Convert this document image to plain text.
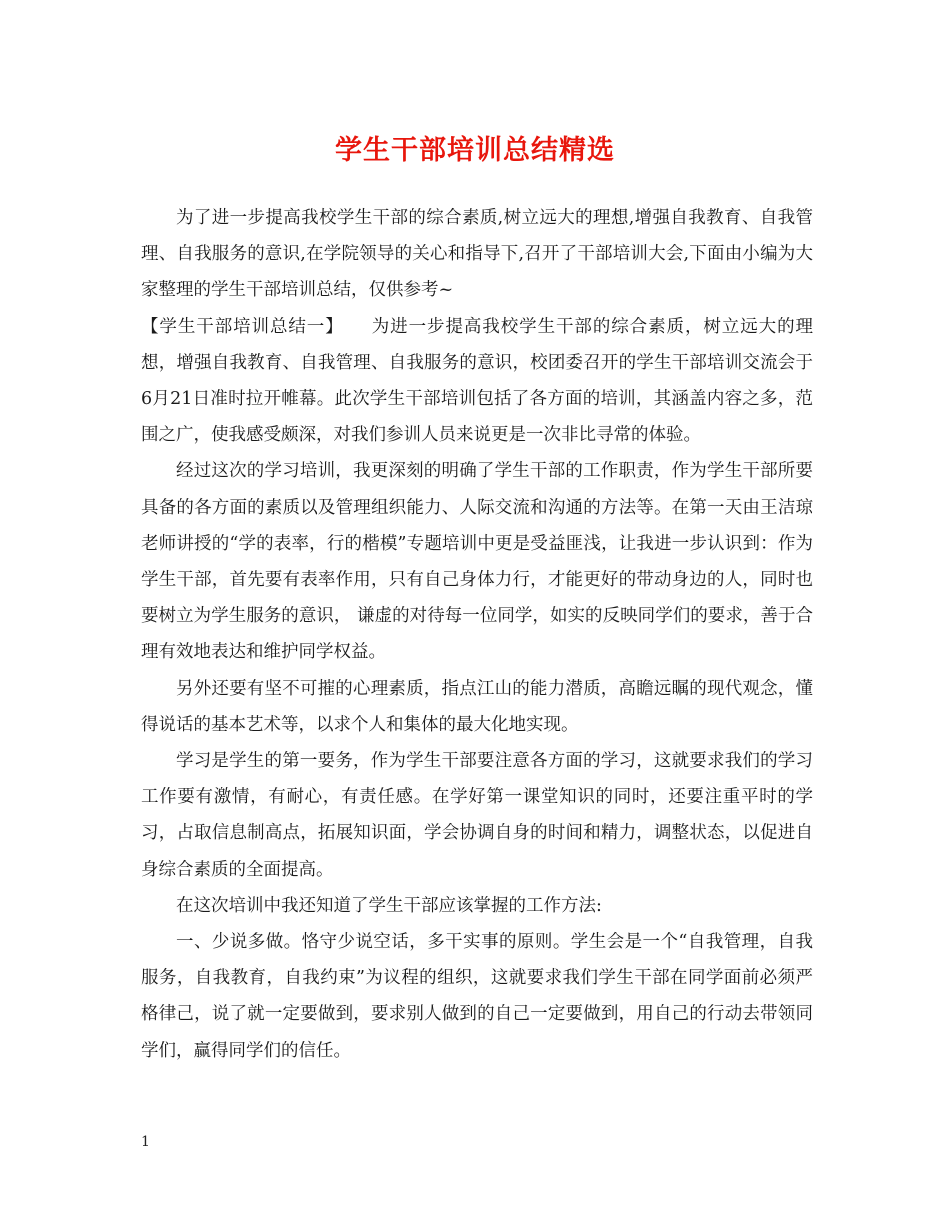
学生干部培训总结精选

为了进一步提高我校学生干部的综合素质,树立远大的理想,增强自我教育、自我管理、自我服务的意识,在学院领导的关心和指导下,召开了干部培训大会,下面由小编为大家整理的学生干部培训总结，仅供参考~

【学生干部培训总结一】　　为进一步提高我校学生干部的综合素质，树立远大的理想，增强自我教育、自我管理、自我服务的意识，校团委召开的学生干部培训交流会于6月21日准时拉开帷幕。此次学生干部培训包括了各方面的培训，其涵盖内容之多，范围之广，使我感受颇深，对我们参训人员来说更是一次非比寻常的体验。

经过这次的学习培训，我更深刻的明确了学生干部的工作职责，作为学生干部所要具备的各方面的素质以及管理组织能力、人际交流和沟通的方法等。在第一天由王洁琼老师讲授的“学的表率，行的楷模”专题培训中更是受益匪浅，让我进一步认识到：作为学生干部，首先要有表率作用，只有自己身体力行，才能更好的带动身边的人，同时也要树立为学生服务的意识， 谦虚的对待每一位同学，如实的反映同学们的要求，善于合理有效地表达和维护同学权益。

另外还要有坚不可摧的心理素质，指点江山的能力潜质，高瞻远瞩的现代观念，懂得说话的基本艺术等，以求个人和集体的最大化地实现。

学习是学生的第一要务，作为学生干部要注意各方面的学习，这就要求我们的学习工作要有激情，有耐心，有责任感。在学好第一课堂知识的同时，还要注重平时的学习，占取信息制高点，拓展知识面，学会协调自身的时间和精力，调整状态，以促进自身综合素质的全面提高。

在这次培训中我还知道了学生干部应该掌握的工作方法:

一、少说多做。恪守少说空话，多干实事的原则。学生会是一个“自我管理，自我服务，自我教育，自我约束”为议程的组织，这就要求我们学生干部在同学面前必须严格律己，说了就一定要做到，要求别人做到的自己一定要做到，用自己的行动去带领同学们，赢得同学们的信任。

1
